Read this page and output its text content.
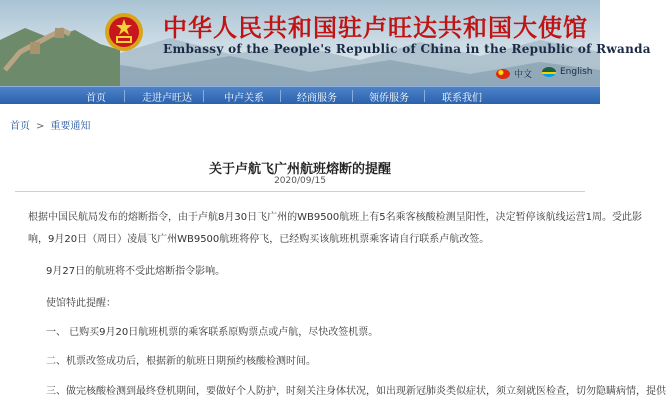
中华人民共和国驻卢旺达共和国大使馆
Embassy of the People's Republic of China in the Republic of Rwanda
中文	English
首页	走进卢旺达	中卢关系	经商服务	领侨服务	联系我们
首页 > 重要通知
关于卢航飞广州航班熔断的提醒
2020/09/15
根据中国民航局发布的熔断指令，由于卢航8月30日飞广州的WB9500航班上有5名乘客核酸检测呈阳性，决定暂停该航线运营1周。受此影
响，9月20日（周日）凌晨飞广州WB9500航班将停飞，已经购买该航班机票乘客请自行联系卢航改签。
9月27日的航班将不受此熔断指令影响。
使馆特此提醒：
一、 已购买9月20日航班机票的乘客联系原购票点或卢航，尽快改签机票。
二、机票改签成功后，根据新的航班日期预约核酸检测时间。
三、做完核酸检测到最终登机期间，要做好个人防护，时刻关注身体状况，如出现新冠肺炎类似症状，须立刻就医检查，切勿隐瞒病情，提供
